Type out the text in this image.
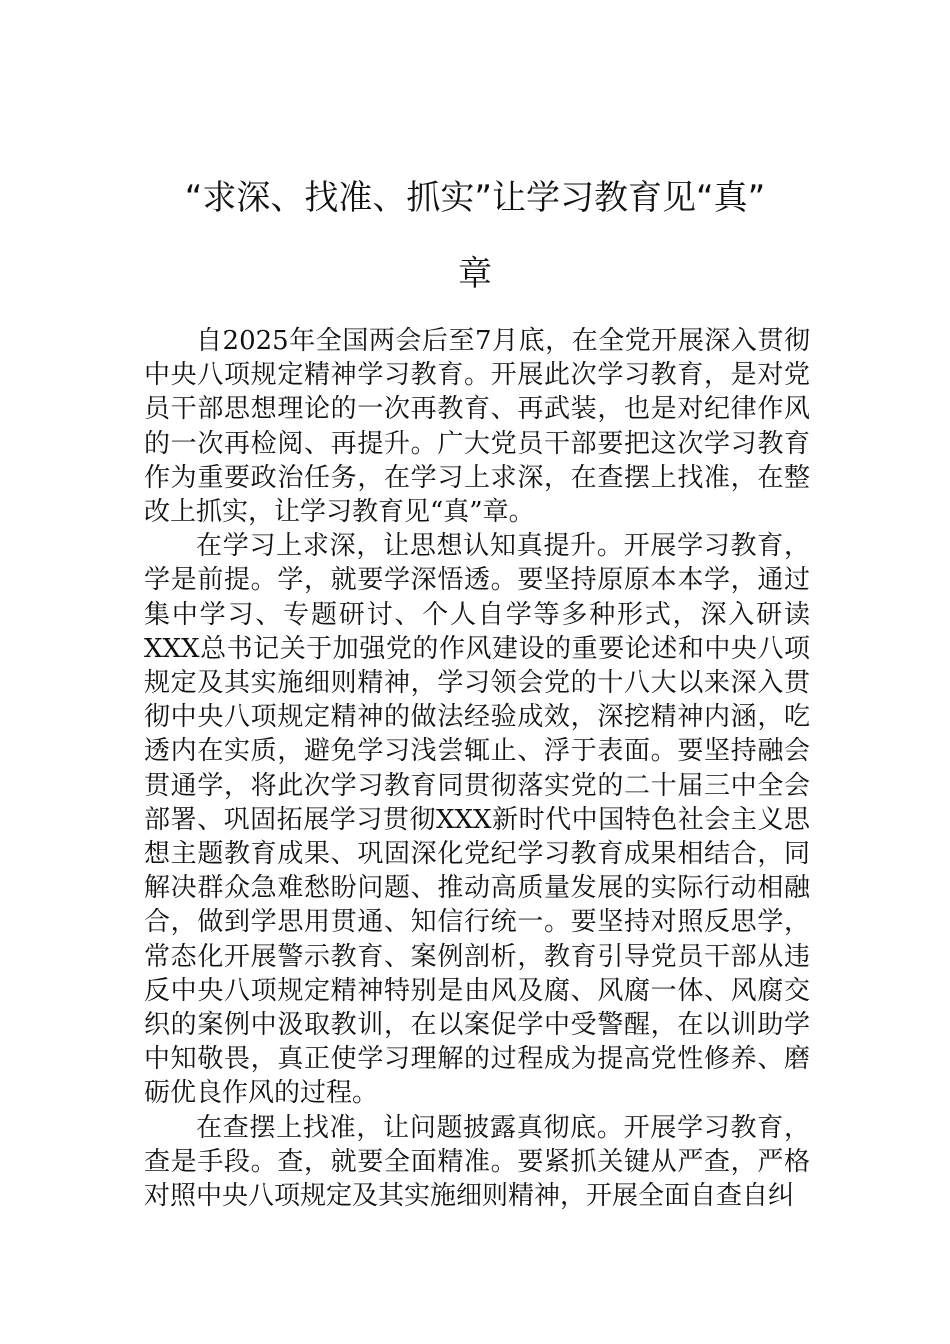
“求深、找准、抓实”让学习教育见“真”
章

自2025年全国两会后至7月底，在全党开展深入贯彻中央八项规定精神学习教育。开展此次学习教育，是对党员干部思想理论的一次再教育、再武装，也是对纪律作风的一次再检阅、再提升。广大党员干部要把这次学习教育作为重要政治任务，在学习上求深，在查摆上找准，在整改上抓实，让学习教育见“真”章。

在学习上求深，让思想认知真提升。开展学习教育，学是前提。学，就要学深悟透。要坚持原原本本学，通过集中学习、专题研讨、个人自学等多种形式，深入研读XXX总书记关于加强党的作风建设的重要论述和中央八项规定及其实施细则精神，学习领会党的十八大以来深入贯彻中央八项规定精神的做法经验成效，深挖精神内涵，吃透内在实质，避免学习浅尝辄止、浮于表面。要坚持融会贯通学，将此次学习教育同贯彻落实党的二十届三中全会部署、巩固拓展学习贯彻XXX新时代中国特色社会主义思想主题教育成果、巩固深化党纪学习教育成果相结合，同解决群众急难愁盼问题、推动高质量发展的实际行动相融合，做到学思用贯通、知信行统一。要坚持对照反思学，常态化开展警示教育、案例剖析，教育引导党员干部从违反中央八项规定精神特别是由风及腐、风腐一体、风腐交织的案例中汲取教训，在以案促学中受警醒，在以训助学中知敬畏，真正使学习理解的过程成为提高党性修养、磨砺优良作风的过程。

在查摆上找准，让问题披露真彻底。开展学习教育，查是手段。查，就要全面精准。要紧抓关键从严查，严格对照中央八项规定及其实施细则精神，开展全面自查自纠
